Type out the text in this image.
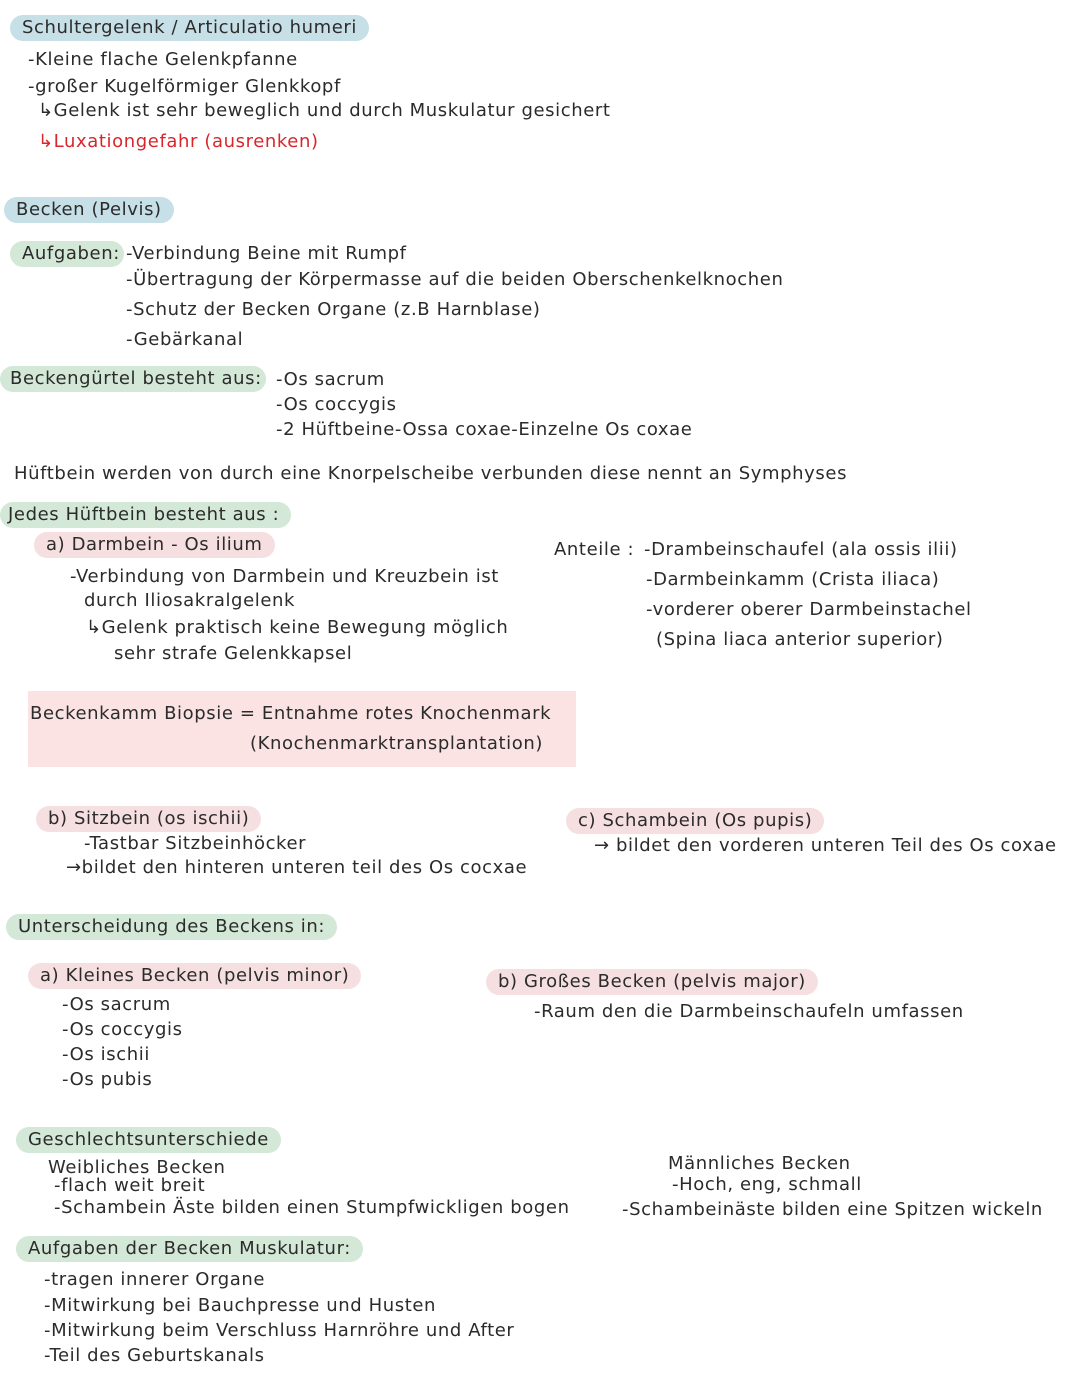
Schultergelenk / Articulatio humeri
-Kleine flache Gelenkpfanne
-großer Kugelförmiger Glenkkopf
↳Gelenk ist sehr beweglich und durch Muskulatur gesichert
↳Luxationgefahr (ausrenken)
Becken (Pelvis)
Aufgaben: -Verbindung Beine mit Rumpf
-Übertragung der Körpermasse auf die beiden Oberschenkelknochen
-Schutz der Becken Organe (z.B Harnblase)
-Gebärkanal
Beckengürtel besteht aus: -Os sacrum
-Os coccygis
-2 Hüftbeine-Ossa coxae-Einzelne Os coxae
Hüftbein werden von durch eine Knorpelscheibe verbunden diese nennt an Symphyses
Jedes Hüftbein besteht aus :
a) Darmbein - Os ilium
-Verbindung von Darmbein und Kreuzbein ist
durch Iliosakralgelenk
↳Gelenk praktisch keine Bewegung möglich
sehr strafe Gelenkkapsel
Anteile : -Drambeinschaufel (ala ossis ilii)
-Darmbeinkamm (Crista iliaca)
-vorderer oberer Darmbeinstachel
(Spina liaca anterior superior)
Beckenkamm Biopsie = Entnahme rotes Knochenmark
(Knochenmarktransplantation)
b) Sitzbein (os ischii)
-Tastbar Sitzbeinhöcker
→bildet den hinteren unteren teil des Os cocxae
c) Schambein (Os pupis)
→ bildet den vorderen unteren Teil des Os coxae
Unterscheidung des Beckens in:
a) Kleines Becken (pelvis minor)
-Os sacrum
-Os coccygis
-Os ischii
-Os pubis
b) Großes Becken (pelvis major)
-Raum den die Darmbeinschaufeln umfassen
Geschlechtsunterschiede
Weibliches Becken
-flach weit breit
-Schambein Äste bilden einen Stumpfwickligen bogen
Männliches Becken
-Hoch, eng, schmall
-Schambeinäste bilden eine Spitzen wickeln
Aufgaben der Becken Muskulatur:
-tragen innerer Organe
-Mitwirkung bei Bauchpresse und Husten
-Mitwirkung beim Verschluss Harnröhre und After
-Teil des Geburtskanals
